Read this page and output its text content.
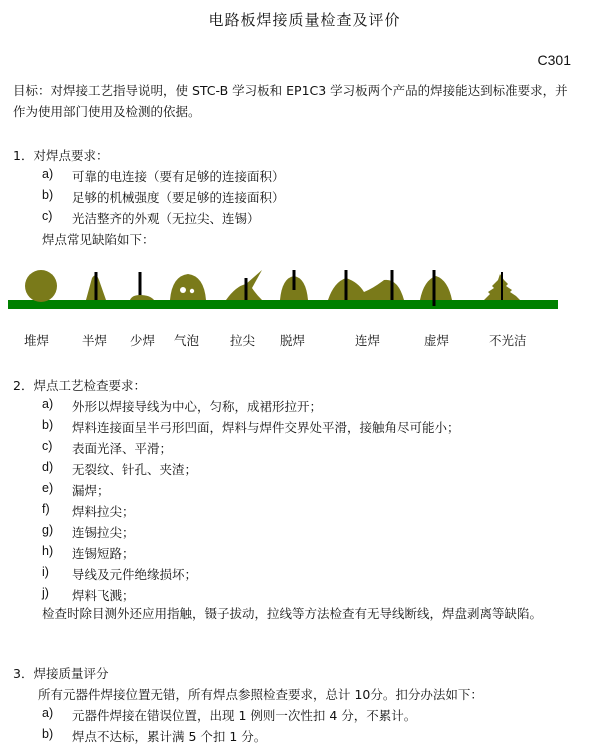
电路板焊接质量检查及评价
C301
目标：对焊接工艺指导说明，使 STC-B 学习板和 EP1C3 学习板两个产品的焊接能达到标准要求，并作为使用部门使用及检测的依据。
1．对焊点要求：
a) 可靠的电连接（要有足够的连接面积）
b) 足够的机械强度（要足够的连接面积）
c) 光洁整齐的外观（无拉尖、连锡）
焊点常见缺陷如下：
堆焊	半焊 少焊 气泡 拉尖 脱焊	连焊	虚焊	不光洁
2．焊点工艺检查要求：
a) 外形以焊接导线为中心，匀称，成裙形拉开；
b) 焊料连接面呈半弓形凹面，焊料与焊件交界处平滑，接触角尽可能小；
c) 表面光泽、平滑；
d) 无裂纹、针孔、夹渣；
e) 漏焊；
f) 焊料拉尖；
g) 连锡拉尖；
h) 连锡短路；
i) 导线及元件绝缘损坏；
j) 焊料飞溅；
检查时除目测外还应用指触，镊子拔动，拉线等方法检查有无导线断线，焊盘剥离等缺陷。
3．焊接质量评分
所有元器件焊接位置无错，所有焊点参照检查要求，总计 10分。扣分办法如下：
a) 元器件焊接在错误位置，出现 1 例则一次性扣 4 分，不累计。
b) 焊点不达标，累计满 5 个扣 1 分。
